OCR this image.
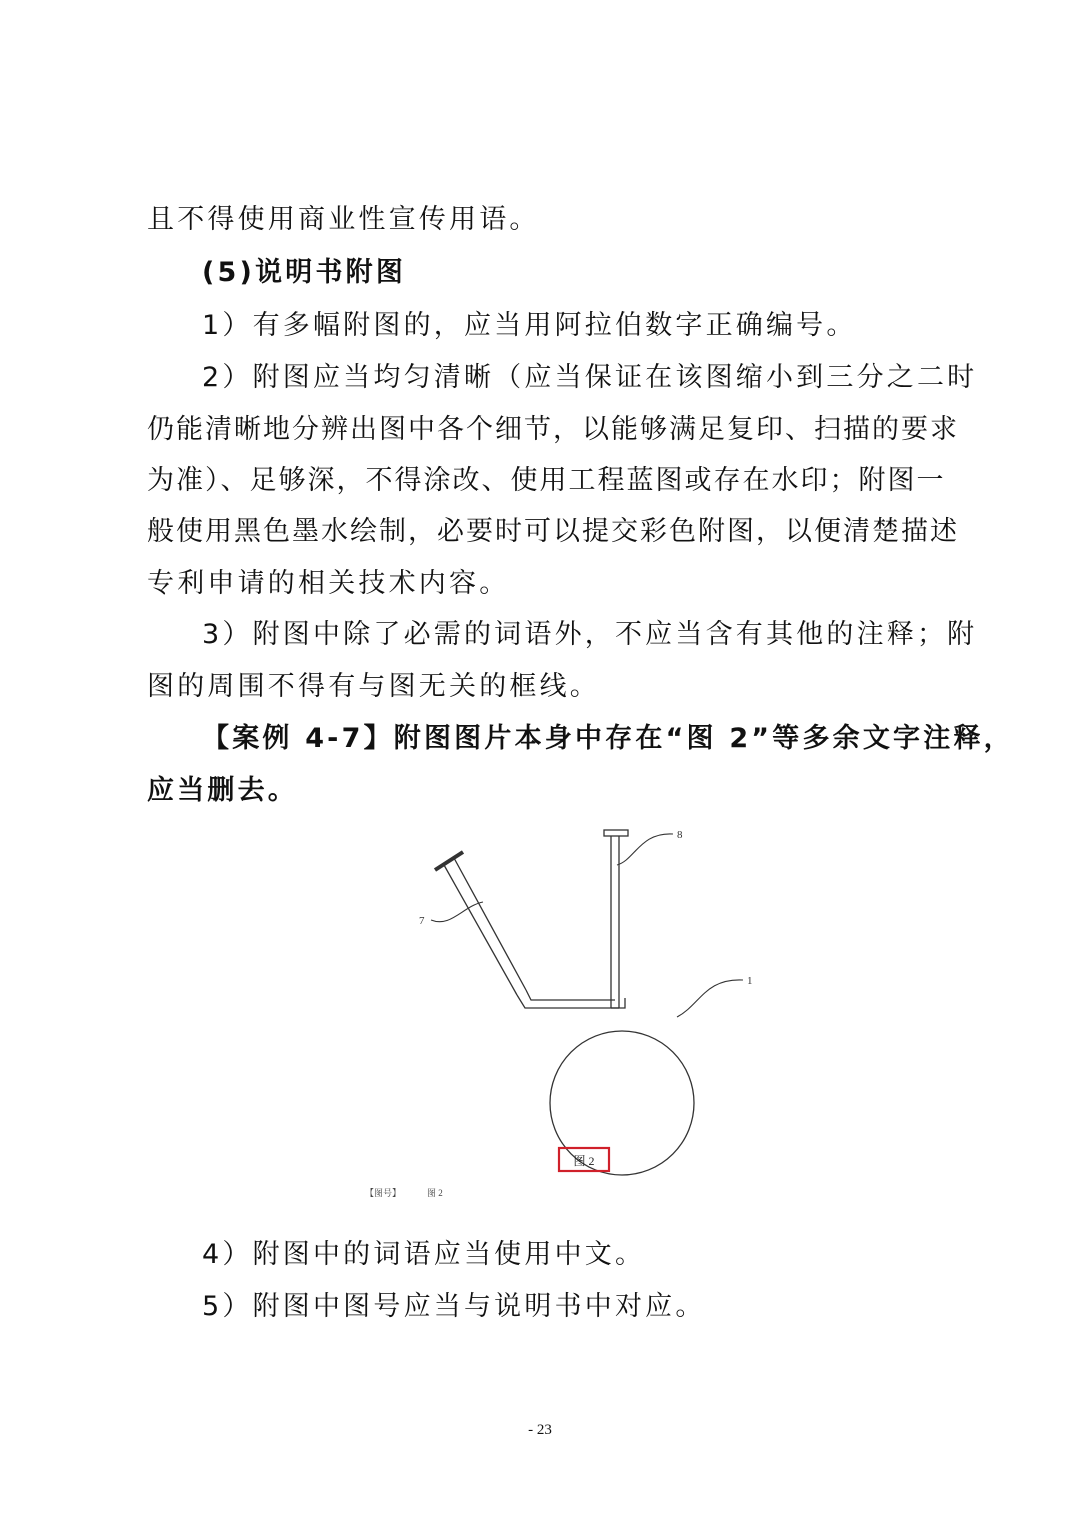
且不得使用商业性宣传用语。
(5)说明书附图
1）有多幅附图的，应当用阿拉伯数字正确编号。
2）附图应当均匀清晰（应当保证在该图缩小到三分之二时
仍能清晰地分辨出图中各个细节，以能够满足复印、扫描的要求
为准）、足够深，不得涂改、使用工程蓝图或存在水印；附图一
般使用黑色墨水绘制，必要时可以提交彩色附图，以便清楚描述
专利申请的相关技术内容。
3）附图中除了必需的词语外，不应当含有其他的注释；附
图的周围不得有与图无关的框线。
【案例 4-7】附图图片本身中存在“图 2”等多余文字注释，
应当删去。
8
7
1
图 2
【图号】	图 2
4）附图中的词语应当使用中文。
5）附图中图号应当与说明书中对应。
- 23
